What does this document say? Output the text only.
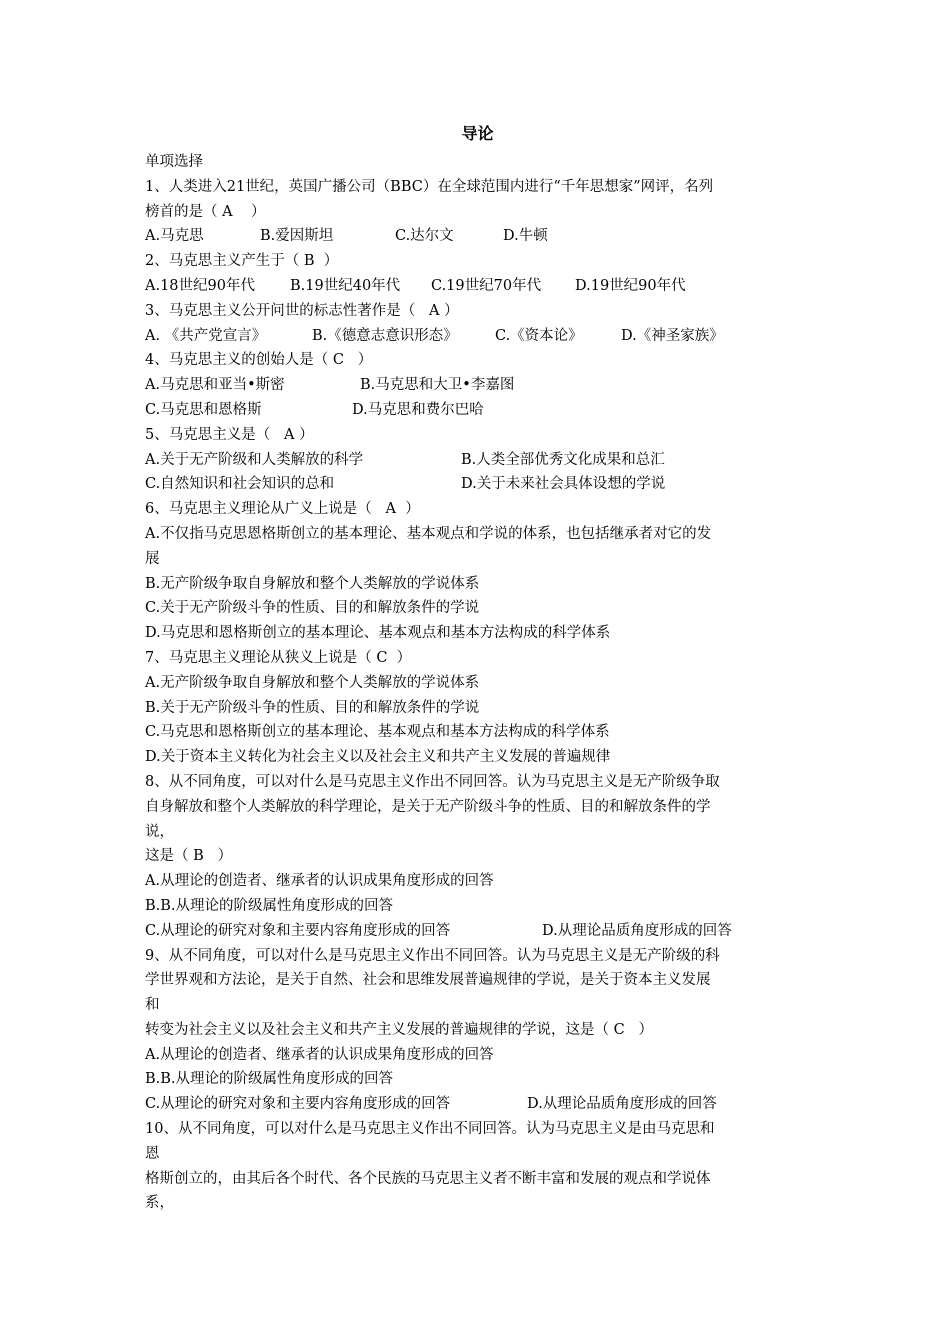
导论

单项选择

1、人类进入21世纪，英国广播公司（BBC）在全球范围内进行“千年思想家”网评，名列

榜首的是（ A    ）

A.马克思	B.爱因斯坦	C.达尔文	D.牛顿

2、马克思主义产生于（ B  ）

A.18世纪90年代	B.19世纪40年代	C.19世纪70年代	D.19世纪90年代

3、马克思主义公开问世的标志性著作是（   A ）

A. 《共产党宣言》	B.《德意志意识形态》	C.《资本论》	D.《神圣家族》

4、马克思主义的创始人是（ C   ）

A.马克思和亚当•斯密	B.马克思和大卫•李嘉图
C.马克思和恩格斯	D.马克思和费尔巴哈

5、马克思主义是（   A ）

A.关于无产阶级和人类解放的科学	B.人类全部优秀文化成果和总汇
C.自然知识和社会知识的总和	D.关于未来社会具体设想的学说

6、马克思主义理论从广义上说是（   A  ）

A.不仅指马克思恩格斯创立的基本理论、基本观点和学说的体系，也包括继承者对它的发

展

B.无产阶级争取自身解放和整个人类解放的学说体系

C.关于无产阶级斗争的性质、目的和解放条件的学说

D.马克思和恩格斯创立的基本理论、基本观点和基本方法构成的科学体系

7、马克思主义理论从狭义上说是（ C  ）

A.无产阶级争取自身解放和整个人类解放的学说体系

B.关于无产阶级斗争的性质、目的和解放条件的学说

C.马克思和恩格斯创立的基本理论、基本观点和基本方法构成的科学体系

D.关于资本主义转化为社会主义以及社会主义和共产主义发展的普遍规律

8、从不同角度，可以对什么是马克思主义作出不同回答。认为马克思主义是无产阶级争取

自身解放和整个人类解放的科学理论，是关于无产阶级斗争的性质、目的和解放条件的学

说，

这是（ B   ）

A.从理论的创造者、继承者的认识成果角度形成的回答

B.B.从理论的阶级属性角度形成的回答

C.从理论的研究对象和主要内容角度形成的回答	D.从理论品质角度形成的回答

9、从不同角度，可以对什么是马克思主义作出不同回答。认为马克思主义是无产阶级的科

学世界观和方法论，是关于自然、社会和思维发展普遍规律的学说，是关于资本主义发展

和

转变为社会主义以及社会主义和共产主义发展的普遍规律的学说，这是（ C   ）

A.从理论的创造者、继承者的认识成果角度形成的回答

B.B.从理论的阶级属性角度形成的回答

C.从理论的研究对象和主要内容角度形成的回答	D.从理论品质角度形成的回答

10、从不同角度，可以对什么是马克思主义作出不同回答。认为马克思主义是由马克思和

恩

格斯创立的，由其后各个时代、各个民族的马克思主义者不断丰富和发展的观点和学说体

系，
